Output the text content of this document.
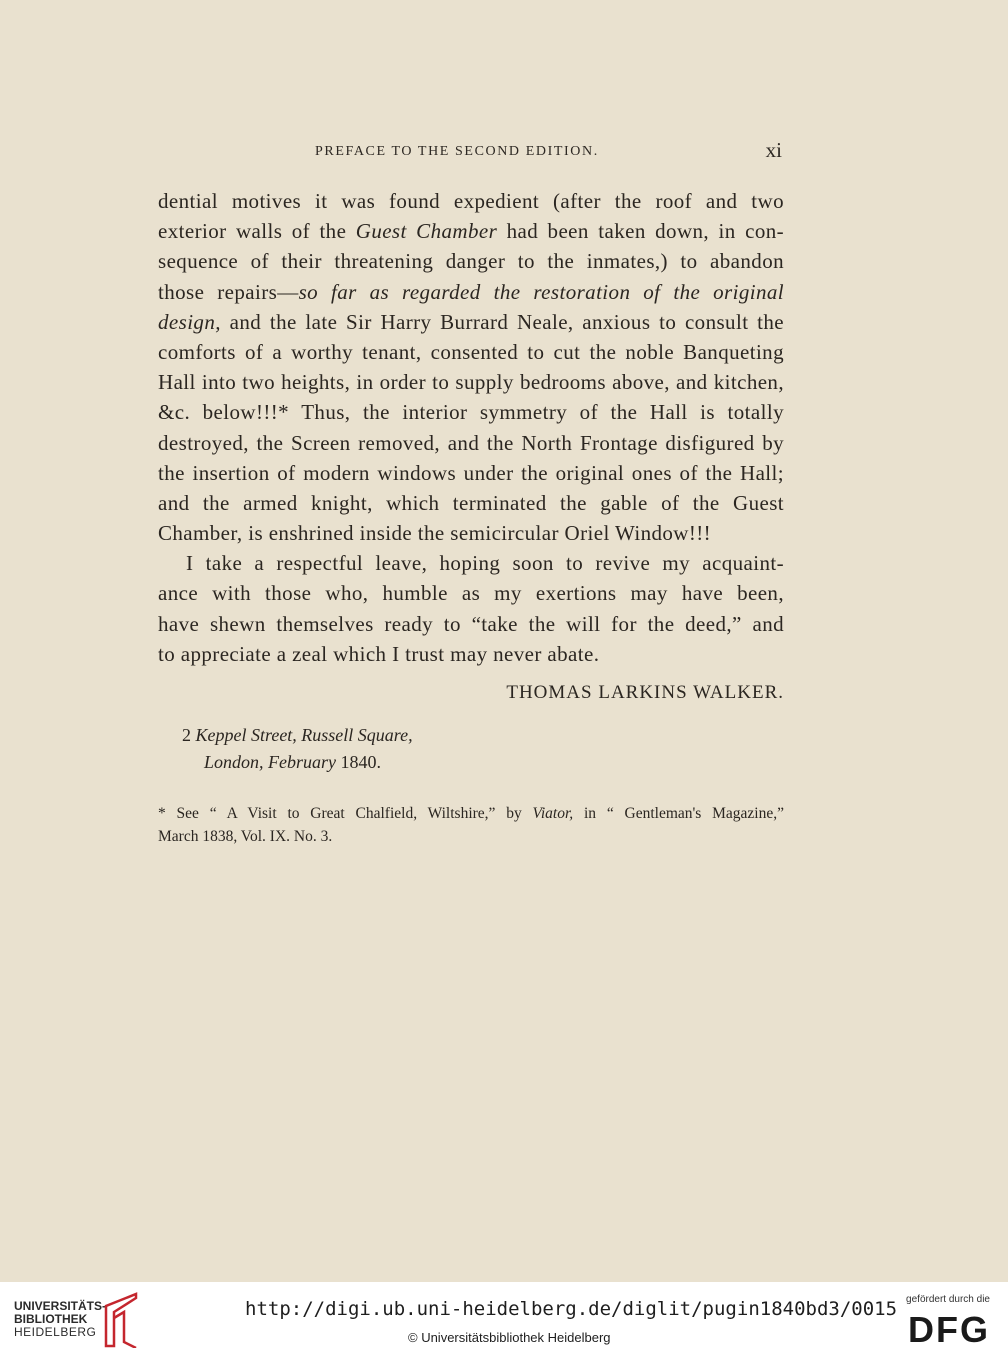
PREFACE TO THE SECOND EDITION.	xi
dential motives it was found expedient (after the roof and two
exterior walls of the Guest Chamber had been taken down, in con-
sequence of their threatening danger to the inmates,) to abandon
those repairs—so far as regarded the restoration of the original
design, and the late Sir Harry Burrard Neale, anxious to consult the
comforts of a worthy tenant, consented to cut the noble Banqueting
Hall into two heights, in order to supply bedrooms above, and kitchen,
&c. below!!!* Thus, the interior symmetry of the Hall is totally
destroyed, the Screen removed, and the North Frontage disfigured by
the insertion of modern windows under the original ones of the Hall;
and the armed knight, which terminated the gable of the Guest
Chamber, is enshrined inside the semicircular Oriel Window!!!
I take a respectful leave, hoping soon to revive my acquaint-
ance with those who, humble as my exertions may have been,
have shewn themselves ready to “take the will for the deed,” and
to appreciate a zeal which I trust may never abate.
THOMAS LARKINS WALKER.
2 Keppel Street, Russell Square,
London, February 1840.
* See “ A Visit to Great Chalfield, Wiltshire,” by Viator, in “ Gentleman's Magazine,”
March 1838, Vol. IX. No. 3.
UNIVERSITÄTS-
BIBLIOTHEK
HEIDELBERG
http://digi.ub.uni-heidelberg.de/diglit/pugin1840bd3/0015
© Universitätsbibliothek Heidelberg
gefördert durch die
DFG
